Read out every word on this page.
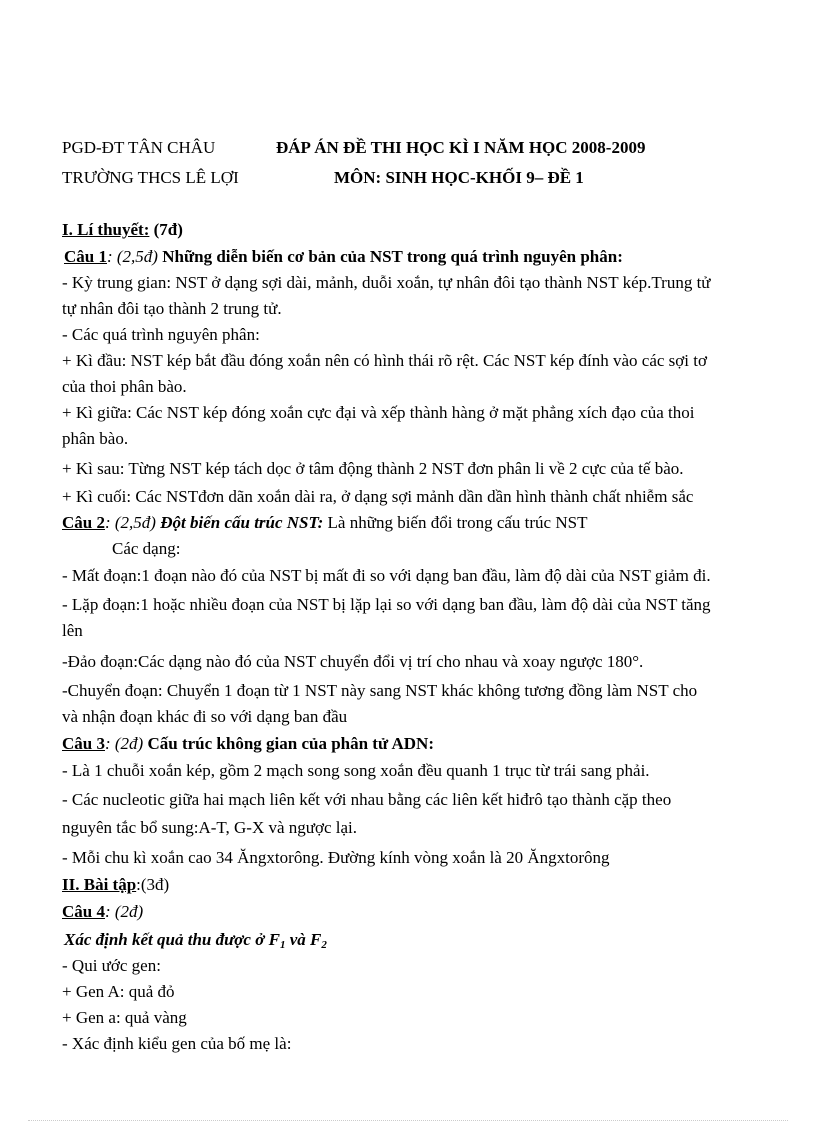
PGD-ĐT TÂN CHÂU	ĐÁP ÁN ĐỀ THI HỌC KÌ I NĂM HỌC 2008-2009
TRƯỜNG THCS LÊ LỢI	MÔN: SINH HỌC-KHỐI 9– ĐỀ 1
I. Lí thuyết: (7đ)
Câu 1: (2,5đ) Những diễn biến cơ bản của NST trong quá trình nguyên phân:
- Kỳ trung gian: NST ở dạng sợi dài, mảnh, duỗi xoắn, tự nhân đôi tạo thành NST kép.Trung tử
tự nhân đôi tạo thành 2 trung tử.
- Các quá trình nguyên phân:
+ Kì đầu: NST kép bắt đầu đóng xoắn nên có hình thái rõ rệt. Các NST kép đính vào các sợi tơ
của thoi phân bào.
+ Kì giữa: Các NST kép đóng xoắn cực đại và xếp thành hàng ở mặt phẳng xích đạo của thoi
phân bào.
+ Kì sau: Từng NST kép tách dọc ở tâm động thành 2 NST đơn phân li về 2 cực của tế bào.
+ Kì cuối: Các NSTđơn dãn xoắn dài ra, ở dạng sợi mảnh dần dần hình thành chất nhiễm sắc
Câu 2: (2,5đ) Đột biến cấu trúc NST: Là những biến đổi trong cấu trúc NST
Các dạng:
- Mất đoạn:1 đoạn nào đó của NST bị mất đi so với dạng ban đầu, làm độ dài của NST giảm đi.
- Lặp đoạn:1 hoặc nhiều đoạn của NST bị lặp lại so với dạng ban đầu, làm độ dài của NST tăng
lên
-Đảo đoạn:Các dạng nào đó của NST chuyển đổi vị trí cho nhau và xoay ngược 180°.
-Chuyển đoạn: Chuyển 1 đoạn từ 1 NST này sang NST khác không tương đồng làm NST cho
và nhận đoạn khác đi so với dạng ban đầu
Câu 3: (2đ) Cấu trúc không gian của phân tử ADN:
- Là 1 chuỗi xoắn kép, gồm 2 mạch song song xoắn đều quanh 1 trục từ trái sang phải.
- Các nucleotic giữa hai mạch liên kết với nhau bằng các liên kết hiđrô tạo thành cặp theo
nguyên tắc bổ sung:A-T, G-X và ngược lại.
- Mỗi chu kì xoắn cao 34 Ăngxtorông. Đường kính vòng xoắn là 20 Ăngxtorông
II. Bài tập:(3đ)
Câu 4: (2đ)
Xác định kết quả thu được ở $F_1$ và $F_2$
- Qui ước gen:
+ Gen A: quả đỏ
+ Gen a: quả vàng
- Xác định kiểu gen của bố mẹ là:
